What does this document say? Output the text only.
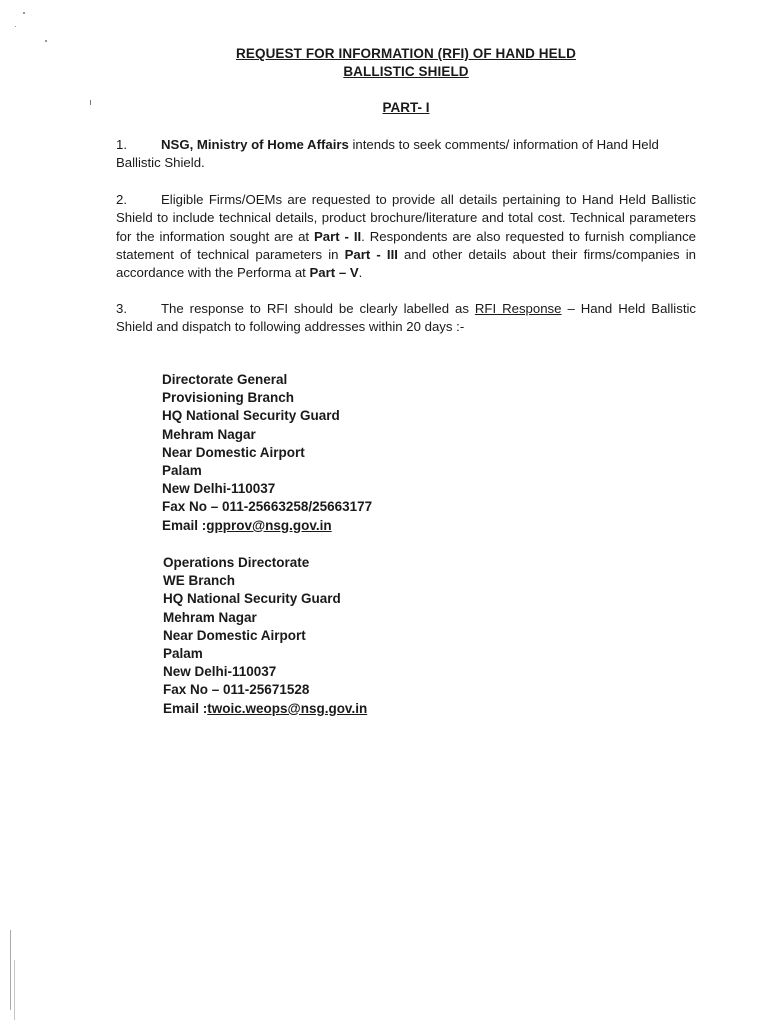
REQUEST FOR INFORMATION (RFI) OF HAND HELD
BALLISTIC SHIELD
PART- I
1.	NSG, Ministry of Home Affairs intends to seek comments/ information of Hand Held Ballistic Shield.
2.	Eligible Firms/OEMs are requested to provide all details pertaining to Hand Held Ballistic Shield to include technical details, product brochure/literature and total cost. Technical parameters for the information sought are at Part - II. Respondents are also requested to furnish compliance statement of technical parameters in Part - III and other details about their firms/companies in accordance with the Performa at Part – V.
3.	The response to RFI should be clearly labelled as RFI Response – Hand Held Ballistic Shield and dispatch to following addresses within 20 days :-
Directorate General
Provisioning Branch
HQ National Security Guard
Mehram Nagar
Near Domestic Airport
Palam
New Delhi-110037
Fax No – 011-25663258/25663177
Email :gpprov@nsg.gov.in
Operations Directorate
WE Branch
HQ National Security Guard
Mehram Nagar
Near Domestic Airport
Palam
New Delhi-110037
Fax No – 011-25671528
Email :twoic.weops@nsg.gov.in
